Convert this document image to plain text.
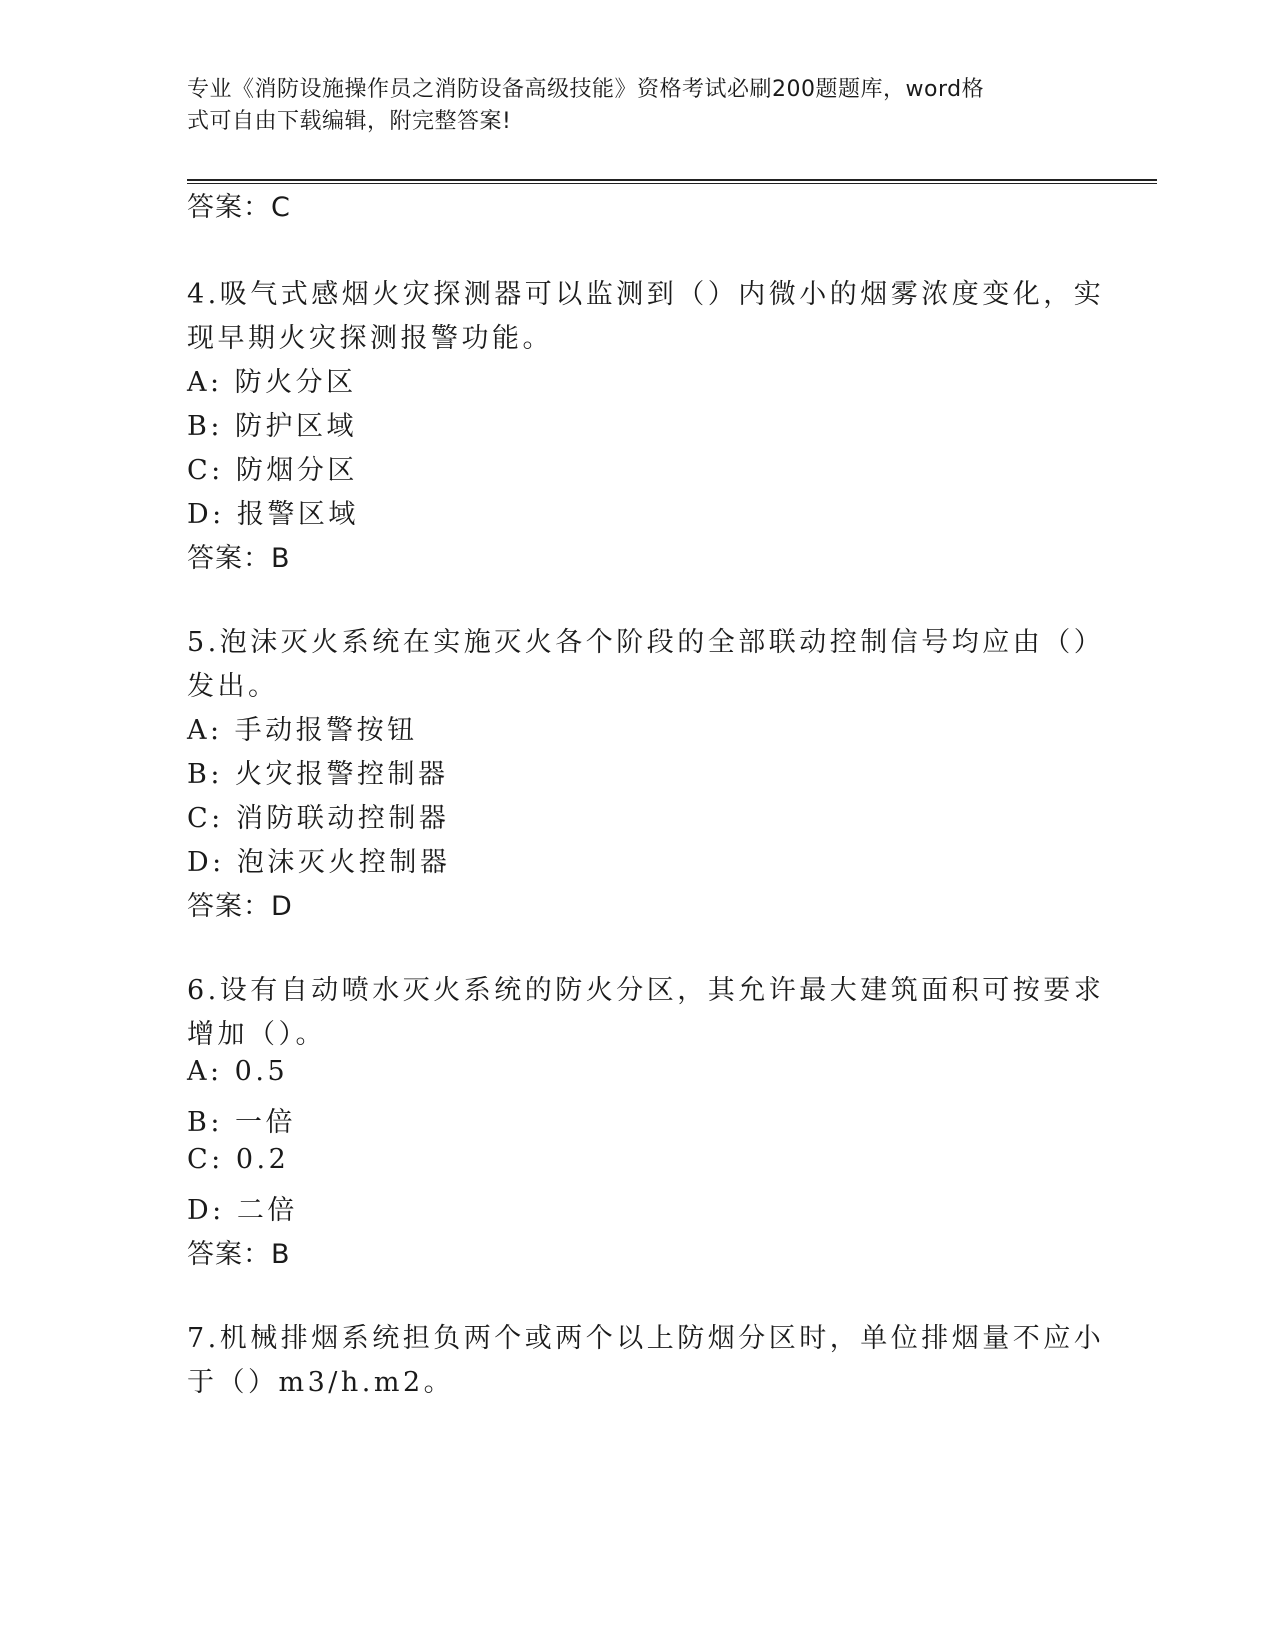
专业《消防设施操作员之消防设备高级技能》资格考试必刷200题题库，word格
式可自由下载编辑，附完整答案!
答案：C
4.吸气式感烟火灾探测器可以监测到（）内微小的烟雾浓度变化，实
现早期火灾探测报警功能。
A: 防火分区
B: 防护区域
C: 防烟分区
D: 报警区域
答案：B
5.泡沫灭火系统在实施灭火各个阶段的全部联动控制信号均应由（）
发出。
A: 手动报警按钮
B: 火灾报警控制器
C: 消防联动控制器
D: 泡沫灭火控制器
答案：D
6.设有自动喷水灭火系统的防火分区，其允许最大建筑面积可按要求
增加（）。
A: 0.5
B: 一倍
C: 0.2
D: 二倍
答案：B
7.机械排烟系统担负两个或两个以上防烟分区时，单位排烟量不应小
于（）m3/h.m2。
